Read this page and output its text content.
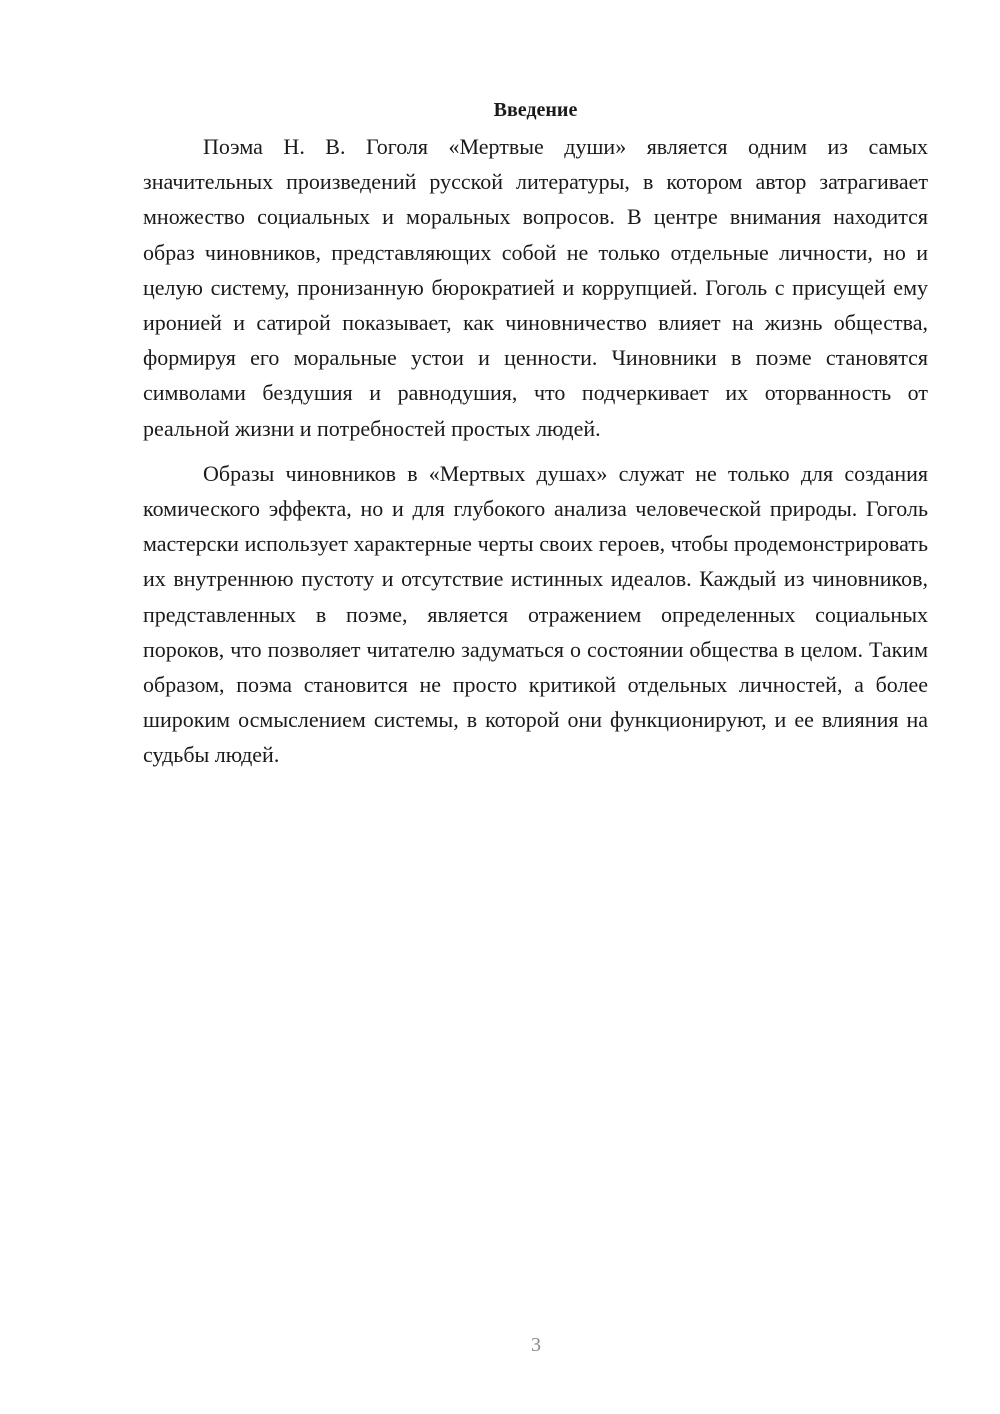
Введение

Поэма Н. В. Гоголя «Мертвые души» является одним из самых значительных произведений русской литературы, в котором автор затрагивает множество социальных и моральных вопросов. В центре внимания находится образ чиновников, представляющих собой не только отдельные личности, но и целую систему, пронизанную бюрократией и коррупцией. Гоголь с присущей ему иронией и сатирой показывает, как чиновничество влияет на жизнь общества, формируя его моральные устои и ценности. Чиновники в поэме становятся символами бездушия и равнодушия, что подчеркивает их оторванность от реальной жизни и потребностей простых людей.

Образы чиновников в «Мертвых душах» служат не только для создания комического эффекта, но и для глубокого анализа человеческой природы. Гоголь мастерски использует характерные черты своих героев, чтобы продемонстрировать их внутреннюю пустоту и отсутствие истинных идеалов. Каждый из чиновников, представленных в поэме, является отражением определенных социальных пороков, что позволяет читателю задуматься о состоянии общества в целом. Таким образом, поэма становится не просто критикой отдельных личностей, а более широким осмыслением системы, в которой они функционируют, и ее влияния на судьбы людей.

3
